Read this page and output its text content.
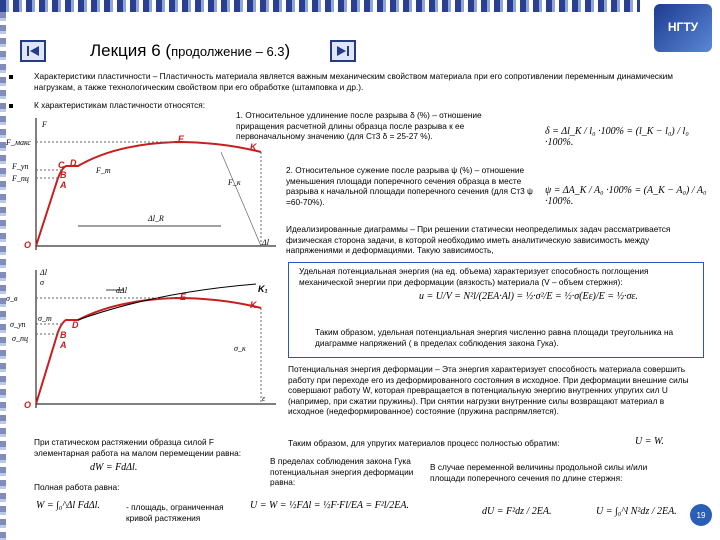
НГТУ
Лекция 6 (продолжение – 6.3)
Характеристики пластичности – Пластичность материала является важным механическим свойством материала при его сопротивлении переменным динамическим нагрузкам, а также технологическим свойством при его обработке (штамповка и др.).
К характеристикам пластичности относятся:
1. Относительное удлинение после разрыва δ (%) – отношение приращения расчетной длины образца после разрыва к ее первоначальному значению (для Ст3 δ = 25-27 %).	δ = Δl_K / l₀ ·100% = (l_K − l₀) / l₀ ·100%.
2. Относительное сужение после разрыва ψ (%) – отношение уменьшения площади поперечного сечения образца в месте разрыва к начальной площади поперечного сечения (для Ст3 ψ =60-70%).
ψ = ΔA_K / A₀ ·100% = (A_K − A₀) / A₀ ·100%.
Идеализированные диаграммы – При решении статически неопределимых задач рассматривается физическая сторона задачи, в которой необходимо иметь аналитическую зависимость между напряжениями и деформациями. Такую зависимость,
Удельная потенциальная энергия (на ед. объема) характеризует способность поглощения механической энергии при деформации (вязкость) материала (V – объем стержня):
u = U/V = N²l/(2EA·Al) = ½·σ²/E = ½·σ(Eε)/E = ½·σε.
Таким образом, удельная потенциальная энергия численно равна площади треугольника на диаграмме напряжений ( в пределах соблюдения закона Гука).
Потенциальная энергия деформации – Эта энергия характеризует способность материала совершить работу при переходе его из деформированного состояния в исходное. При деформации внешние силы совершают работу W, которая превращается в потенциальную энергию внутренних упругих сил U (например, при сжатии пружины). При снятии нагрузки внутренние силы возвращают материал в исходное (недеформированное) состояние (пружина распрямляется).
Таким образом, для упругих материалов процесс полностью обратим:	U = W.
При статическом растяжении образца силой F элементарная работа на малом перемещении равна:
dW = FdΔl.
Полная работа равна:
W = ∫₀^Δl FdΔl.	- площадь, ограниченная кривой растяжения
В пределах соблюдения закона Гука потенциальная энергия деформации равна:
U = W = ½FΔl = ½F·Fl/EA = F²l/2EA.
В случае переменной величины продольной силы и/или площади поперечного сечения по длине стержня:
dU = F²dz / 2EA.	U = ∫₀^l N²dz / 2EA.	19
F
F_макс
F_уп
F_пц
F_т
F_к
Δl_R
Δl
O
A
B
C D
E
K
Δl
σ
σ_в
σ_уп
σ_пц
σ_т
σ_к
dΔl
ε
O
A
B
D
E
K₁
K
